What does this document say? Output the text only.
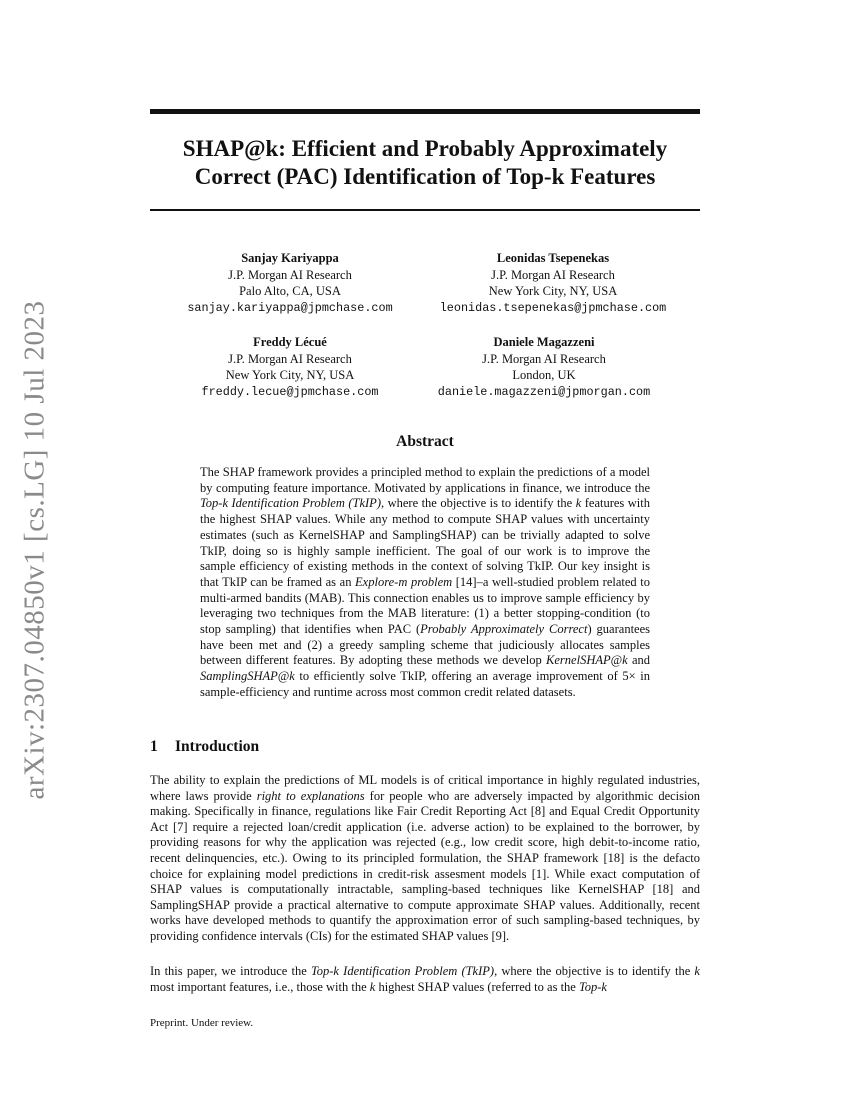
arXiv:2307.04850v1 [cs.LG] 10 Jul 2023
SHAP@k: Efficient and Probably Approximately
Correct (PAC) Identification of Top-k Features
Sanjay Kariyappa
J.P. Morgan AI Research
Palo Alto, CA, USA
sanjay.kariyappa@jpmchase.com
Leonidas Tsepenekas
J.P. Morgan AI Research
New York City, NY, USA
leonidas.tsepenekas@jpmchase.com
Freddy Lécué
J.P. Morgan AI Research
New York City, NY, USA
freddy.lecue@jpmchase.com
Daniele Magazzeni
J.P. Morgan AI Research
London, UK
daniele.magazzeni@jpmorgan.com
Abstract
The SHAP framework provides a principled method to explain the predictions of a model by computing feature importance. Motivated by applications in finance, we introduce the Top-k Identification Problem (TkIP), where the objective is to identify the k features with the highest SHAP values. While any method to compute SHAP values with uncertainty estimates (such as KernelSHAP and SamplingSHAP) can be trivially adapted to solve TkIP, doing so is highly sample inefficient. The goal of our work is to improve the sample efficiency of existing methods in the context of solving TkIP. Our key insight is that TkIP can be framed as an Explore-m problem [14]–a well-studied problem related to multi-armed bandits (MAB). This connection enables us to improve sample efficiency by leveraging two techniques from the MAB literature: (1) a better stopping-condition (to stop sampling) that identifies when PAC (Probably Approximately Correct) guarantees have been met and (2) a greedy sampling scheme that judiciously allocates samples between different features. By adopting these methods we develop KernelSHAP@k and SamplingSHAP@k to efficiently solve TkIP, offering an average improvement of 5× in sample-efficiency and runtime across most common credit related datasets.
1 Introduction

The ability to explain the predictions of ML models is of critical importance in highly regulated industries, where laws provide right to explanations for people who are adversely impacted by algorithmic decision making. Specifically in finance, regulations like Fair Credit Reporting Act [8] and Equal Credit Opportunity Act [7] require a rejected loan/credit application (i.e. adverse action) to be explained to the borrower, by providing reasons for why the application was rejected (e.g., low credit score, high debit-to-income ratio, recent delinquencies, etc.). Owing to its principled formulation, the SHAP framework [18] is the defacto choice for explaining model predictions in credit-risk assesment models [1]. While exact computation of SHAP values is computationally intractable, sampling-based techniques like KernelSHAP [18] and SamplingSHAP provide a practical alternative to compute approximate SHAP values. Additionally, recent works have developed methods to quantify the approximation error of such sampling-based techniques, by providing confidence intervals (CIs) for the estimated SHAP values [9].

In this paper, we introduce the Top-k Identification Problem (TkIP), where the objective is to identify the k most important features, i.e., those with the k highest SHAP values (referred to as the Top-k

Preprint. Under review.
